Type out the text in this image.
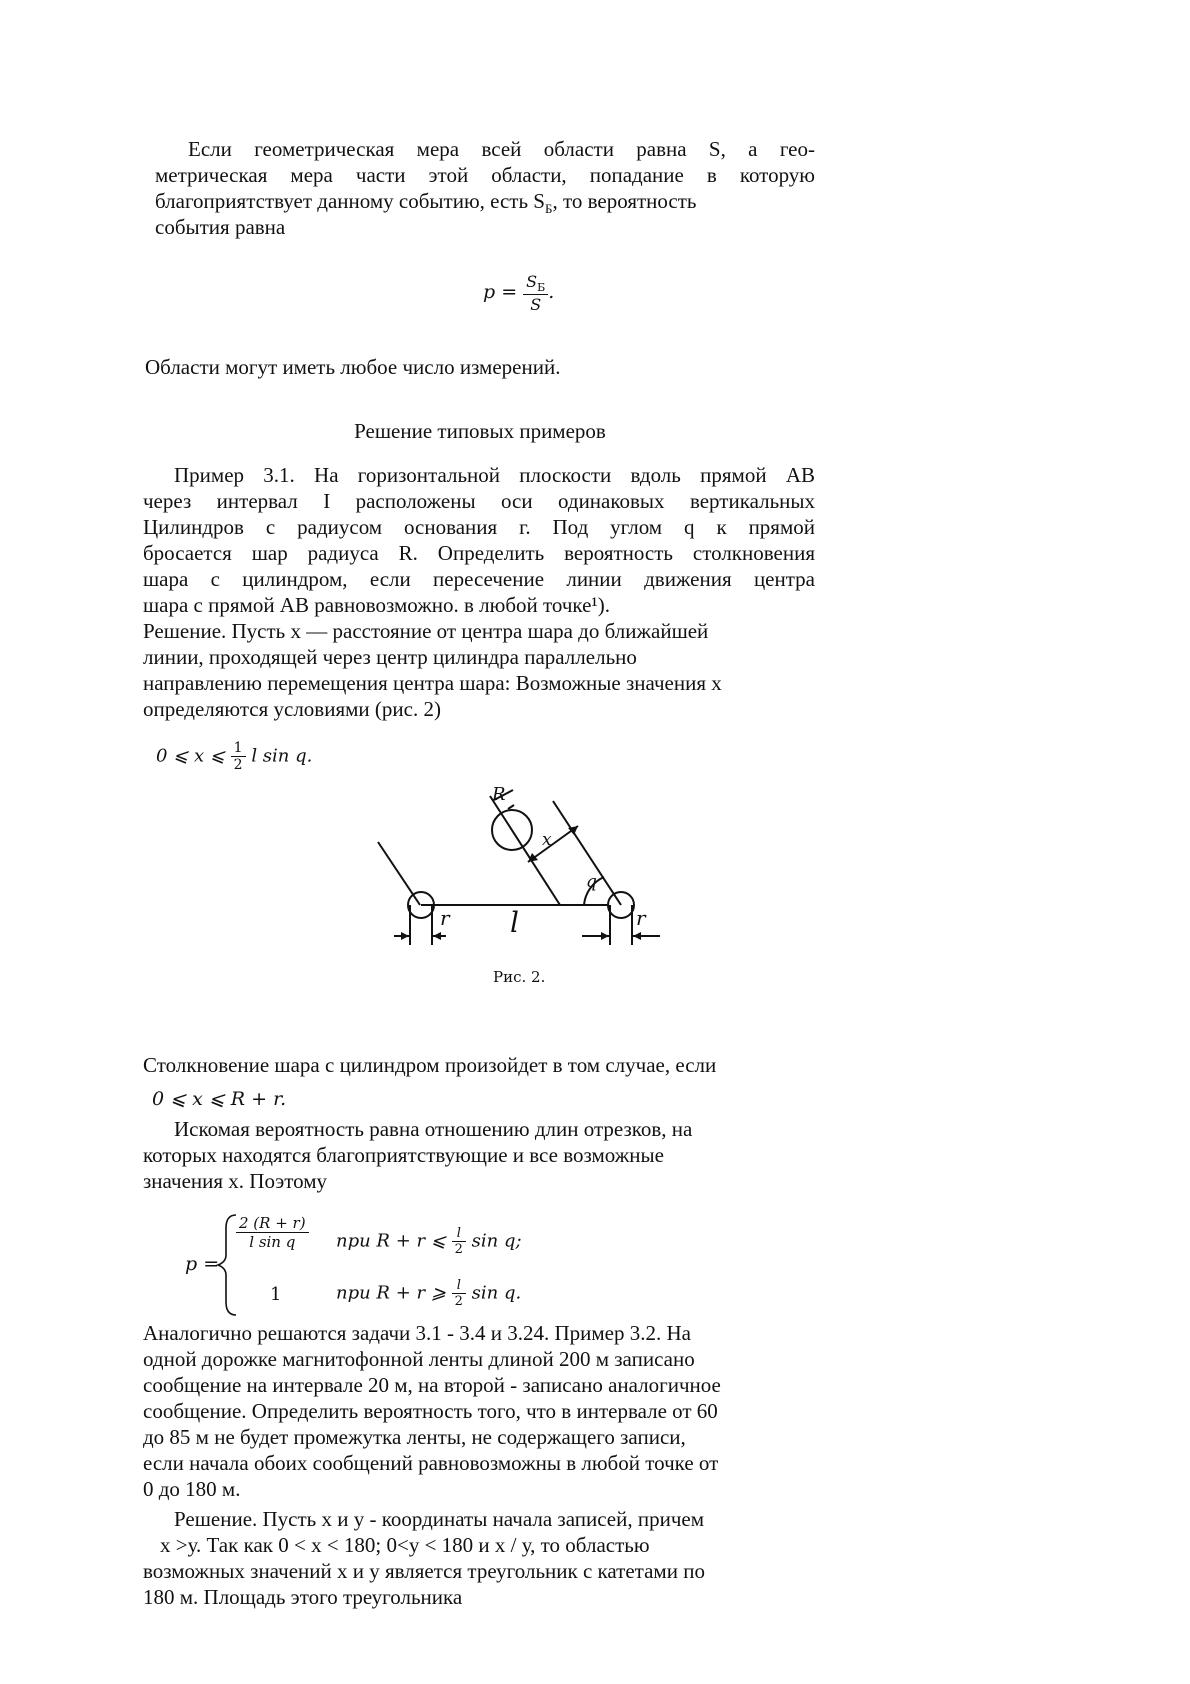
Если геометрическая мера всей области равна S, а гео-
метрическая мера части этой области, попадание в которую
благоприятствует данному событию, есть $S_Б$, то вероятность
события равна
$p = \frac{S_Б}{S}$ .
Области могут иметь любое число измерений.
Решение типовых примеров
Пример 3.1. На горизонтальной плоскости вдоль прямой AB
через интервал I расположены оси одинаковых вертикальных
Цилиндров с радиусом основания г. Под углом q к прямой
бросается шар радиуса R. Определить вероятность столкновения
шара с цилиндром, если пересечение линии движения центра
шара с прямой AB равновозможно. в любой точке¹).
Решение. Пусть x — расстояние от центра шара до ближайшей
линии, проходящей через центр цилиндра параллельно
направлению перемещения центра шара: Возможные значения x
определяются условиями (рис. 2)
0 ⩽ x ⩽ $\frac{1}{2}$ l sin q.
R
x
q
r l	r
Рис. 2.
Столкновение шара с цилиндром произойдет в том случае, если
0 ⩽ x ⩽ R + r.
Искомая вероятность равна отношению длин отрезков, на
которых находятся благоприятствующие и все возможные
значения x. Поэтому
p =
$\frac{2 (R + r)}{\text{l sin q}}$ при R + r ⩽ $\frac{l}{2}$ sin q;
1	при R + r ⩾ $\frac{l}{2}$ sin q.
Аналогично решаются задачи 3.1 - 3.4 и 3.24. Пример 3.2. На
одной дорожке магнитофонной ленты длиной 200 м записано
сообщение на интервале 20 м, на второй - записано аналогичное
сообщение. Определить вероятность того, что в интервале от 60
до 85 м не будет промежутка ленты, не содержащего записи,
если начала обоих сообщений равновозможны в любой точке от
0 до 180 м.
Решение. Пусть x и y - координаты начала записей, причем
x >у. Так как 0 < x < 180; 0<у < 180 и x / у, то областью
возможных значений x и у является треугольник с катетами по
180 м. Площадь этого треугольника
